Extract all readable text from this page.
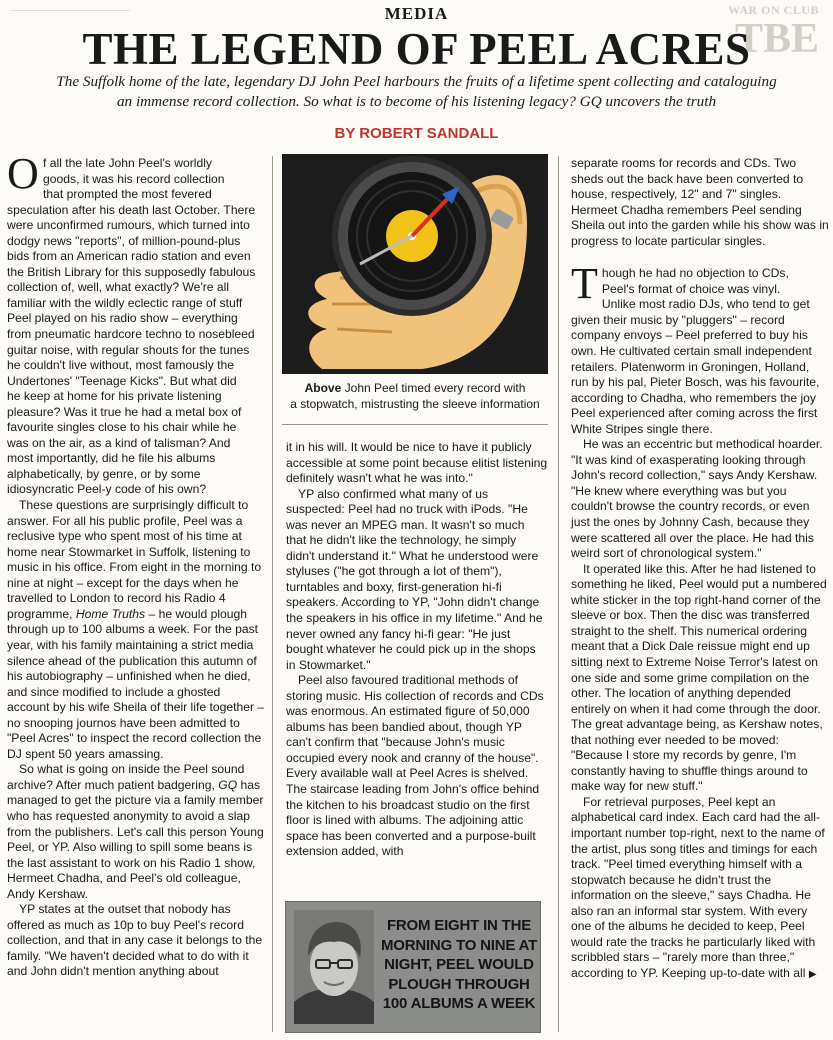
WAR ON CLUB
TBE
MEDIA
THE LEGEND OF PEEL ACRES
The Suffolk home of the late, legendary DJ John Peel harbours the fruits of a lifetime spent collecting and cataloguing
an immense record collection. So what is to become of his listening legacy? GQ uncovers the truth
BY ROBERT SANDALL
O f all the late John Peel's worldly
goods, it was his record collection
that prompted the most fevered
speculation after his death last October. There
were unconfirmed rumours, which turned into
dodgy news "reports", of million-pound-plus
bids from an American radio station and even
the British Library for this supposedly fabulous
collection of, well, what exactly? We're all
familiar with the wildly eclectic range of stuff
Peel played on his radio show – everything
from pneumatic hardcore techno to nosebleed
guitar noise, with regular shouts for the tunes
he couldn't live without, most famously the
Undertones' "Teenage Kicks". But what did
he keep at home for his private listening
pleasure? Was it true he had a metal box of
favourite singles close to his chair while he
was on the air, as a kind of talisman? And
most importantly, did he file his albums
alphabetically, by genre, or by some
idiosyncratic Peel-y code of his own?

These questions are surprisingly difficult to answer. For all his public profile, Peel was a reclusive type who spent most of his time at home near Stowmarket in Suffolk, listening to music in his office. From eight in the morning to nine at night – except for the days when he travelled to London to record his Radio 4 programme, Home Truths – he would plough through up to 100 albums a week. For the past year, with his family maintaining a strict media silence ahead of the publication this autumn of his autobiography – unfinished when he died, and since modified to include a ghosted account by his wife Sheila of their life together – no snooping journos have been admitted to "Peel Acres" to inspect the record collection the DJ spent 50 years amassing.

So what is going on inside the Peel sound archive? After much patient badgering, GQ has managed to get the picture via a family member who has requested anonymity to avoid a slap from the publishers. Let's call this person Young Peel, or YP. Also willing to spill some beans is the last assistant to work on his Radio 1 show, Hermeet Chadha, and Peel's old colleague, Andy Kershaw.

YP states at the outset that nobody has offered as much as 10p to buy Peel's record collection, and that in any case it belongs to the family. "We haven't decided what to do with it and John didn't mention anything about

Above John Peel timed every record with
a stopwatch, mistrusting the sleeve information

it in his will. It would be nice to have it publicly accessible at some point because elitist listening definitely wasn't what he was into."

YP also confirmed what many of us suspected: Peel had no truck with iPods. "He was never an MPEG man. It wasn't so much that he didn't like the technology, he simply didn't understand it." What he understood were styluses ("he got through a lot of them"), turntables and boxy, first-generation hi-fi speakers. According to YP, "John didn't change the speakers in his office in my lifetime." And he never owned any fancy hi-fi gear: "He just bought whatever he could pick up in the shops in Stowmarket."

Peel also favoured traditional methods of storing music. His collection of records and CDs was enormous. An estimated figure of 50,000 albums has been bandied about, though YP can't confirm that "because John's music occupied every nook and cranny of the house". Every available wall at Peel Acres is shelved. The staircase leading from John's office behind the kitchen to his broadcast studio on the first floor is lined with albums. The adjoining attic space has been converted and a purpose-built extension added, with

FROM EIGHT IN THE MORNING TO NINE AT NIGHT, PEEL WOULD PLOUGH THROUGH 100 ALBUMS A WEEK

separate rooms for records and CDs. Two sheds out the back have been converted to house, respectively, 12" and 7" singles. Hermeet Chadha remembers Peel sending Sheila out into the garden while his show was in progress to locate particular singles.

T hough he had no objection to CDs,
Peel's format of choice was vinyl.
Unlike most radio DJs, who tend to get
given their music by "pluggers" – record company envoys – Peel preferred to buy his own. He cultivated certain small independent retailers. Platenworm in Groningen, Holland, run by his pal, Pieter Bosch, was his favourite, according to Chadha, who remembers the joy Peel experienced after coming across the first White Stripes single there.

He was an eccentric but methodical hoarder. "It was kind of exasperating looking through John's record collection," says Andy Kershaw. "He knew where everything was but you couldn't browse the country records, or even just the ones by Johnny Cash, because they were scattered all over the place. He had this weird sort of chronological system."

It operated like this. After he had listened to something he liked, Peel would put a numbered white sticker in the top right-hand corner of the sleeve or box. Then the disc was transferred straight to the shelf. This numerical ordering meant that a Dick Dale reissue might end up sitting next to Extreme Noise Terror's latest on one side and some grime compilation on the other. The location of anything depended entirely on when it had come through the door. The great advantage being, as Kershaw notes, that nothing ever needed to be moved: "Because I store my records by genre, I'm constantly having to shuffle things around to make way for new stuff."

For retrieval purposes, Peel kept an alphabetical card index. Each card had the all-important number top-right, next to the name of the artist, plus song titles and timings for each track. "Peel timed everything himself with a stopwatch because he didn't trust the information on the sleeve," says Chadha. He also ran an informal star system. With every one of the albums he decided to keep, Peel would rate the tracks he particularly liked with scribbled stars – "rarely more than three," according to YP. Keeping up-to-date with all ▶
